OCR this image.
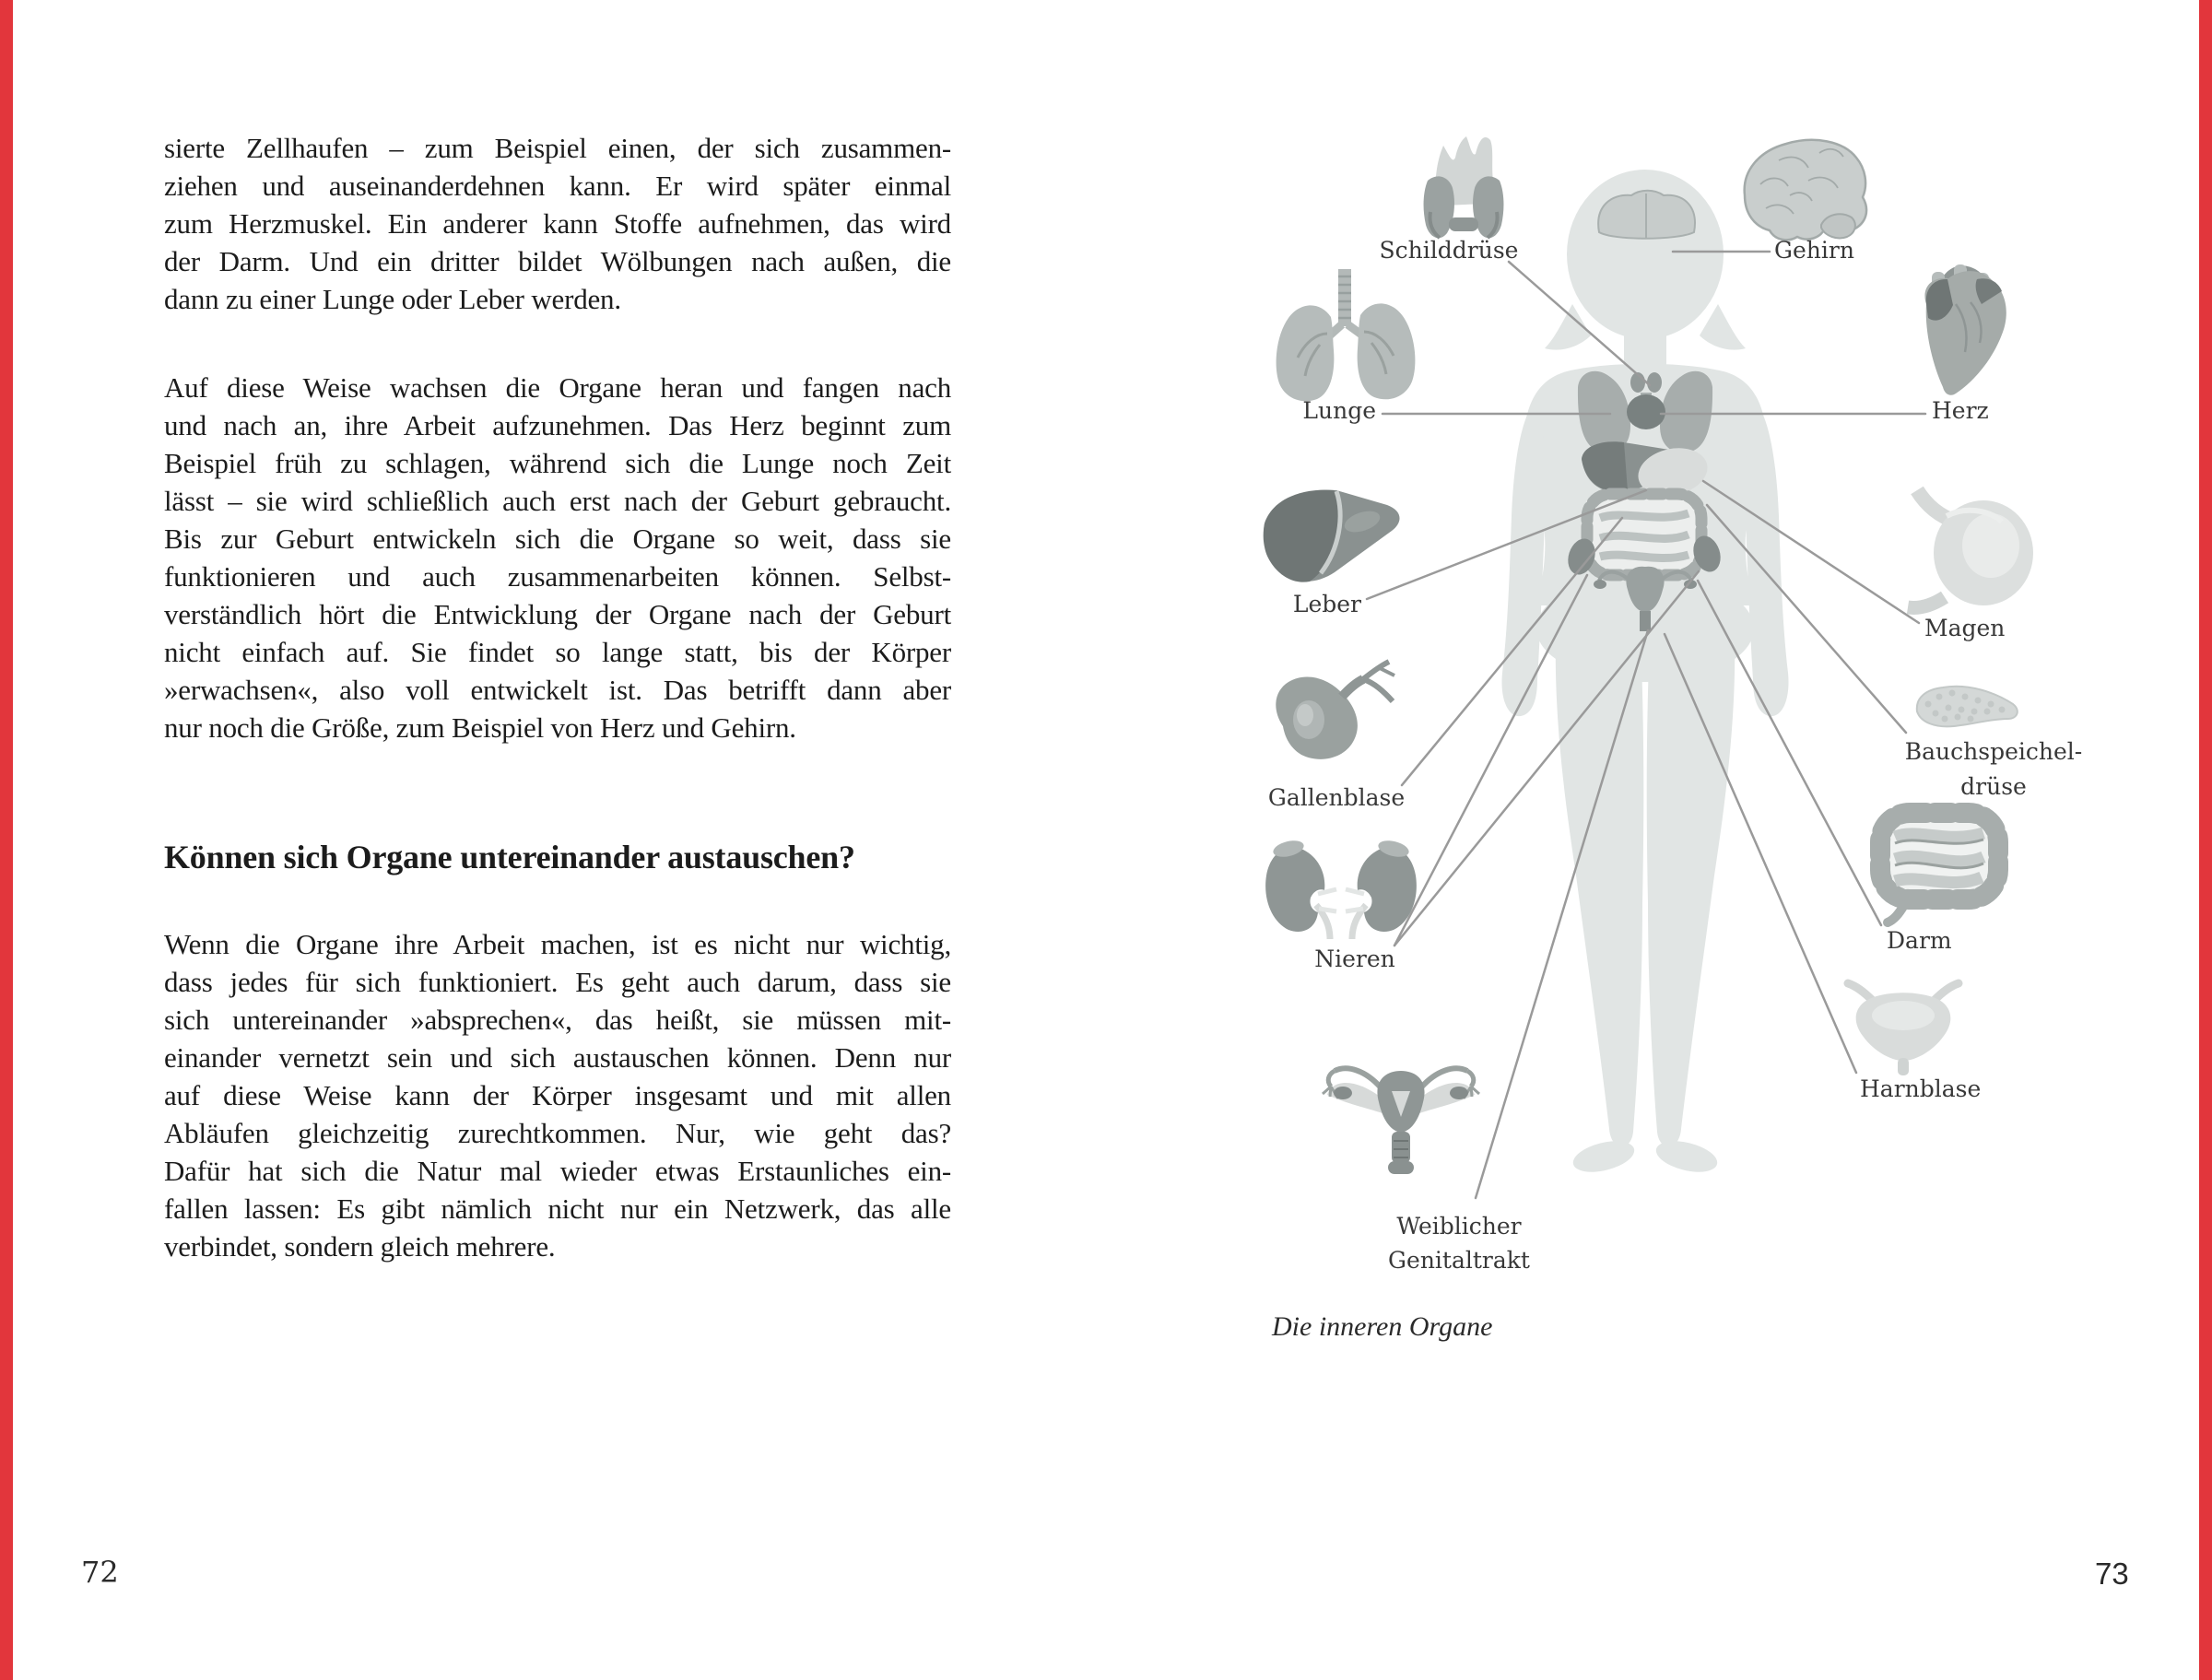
sierte Zellhaufen – zum Beispiel einen, der sich zusammen-
ziehen und auseinanderdehnen kann. Er wird später einmal
zum Herzmuskel. Ein anderer kann Stoffe aufnehmen, das wird
der Darm. Und ein dritter bildet Wölbungen nach außen, die
dann zu einer Lunge oder Leber werden.
Auf diese Weise wachsen die Organe heran und fangen nach
und nach an, ihre Arbeit aufzunehmen. Das Herz beginnt zum
Beispiel früh zu schlagen, während sich die Lunge noch Zeit
lässt – sie wird schließlich auch erst nach der Geburt gebraucht.
Bis zur Geburt entwickeln sich die Organe so weit, dass sie
funktionieren und auch zusammenarbeiten können. Selbst-
verständlich hört die Entwicklung der Organe nach der Geburt
nicht einfach auf. Sie findet so lange statt, bis der Körper
»erwachsen«, also voll entwickelt ist. Das betrifft dann aber
nur noch die Größe, zum Beispiel von Herz und Gehirn.
Können sich Organe untereinander austauschen?
Wenn die Organe ihre Arbeit machen, ist es nicht nur wichtig,
dass jedes für sich funktioniert. Es geht auch darum, dass sie
sich untereinander »absprechen«, das heißt, sie müssen mit-
einander vernetzt sein und sich austauschen können. Denn nur
auf diese Weise kann der Körper insgesamt und mit allen
Abläufen gleichzeitig zurechtkommen. Nur, wie geht das?
Dafür hat sich die Natur mal wieder etwas Erstaunliches ein-
fallen lassen: Es gibt nämlich nicht nur ein Netzwerk, das alle
verbindet, sondern gleich mehrere.
72
Schilddrüse	Gehirn
Lunge	Herz
Leber
Magen
Gallenblase
Bauchspeichel-
drüse
Nieren
Darm
Harnblase
Weiblicher
Genitaltrakt
Die inneren Organe
73
